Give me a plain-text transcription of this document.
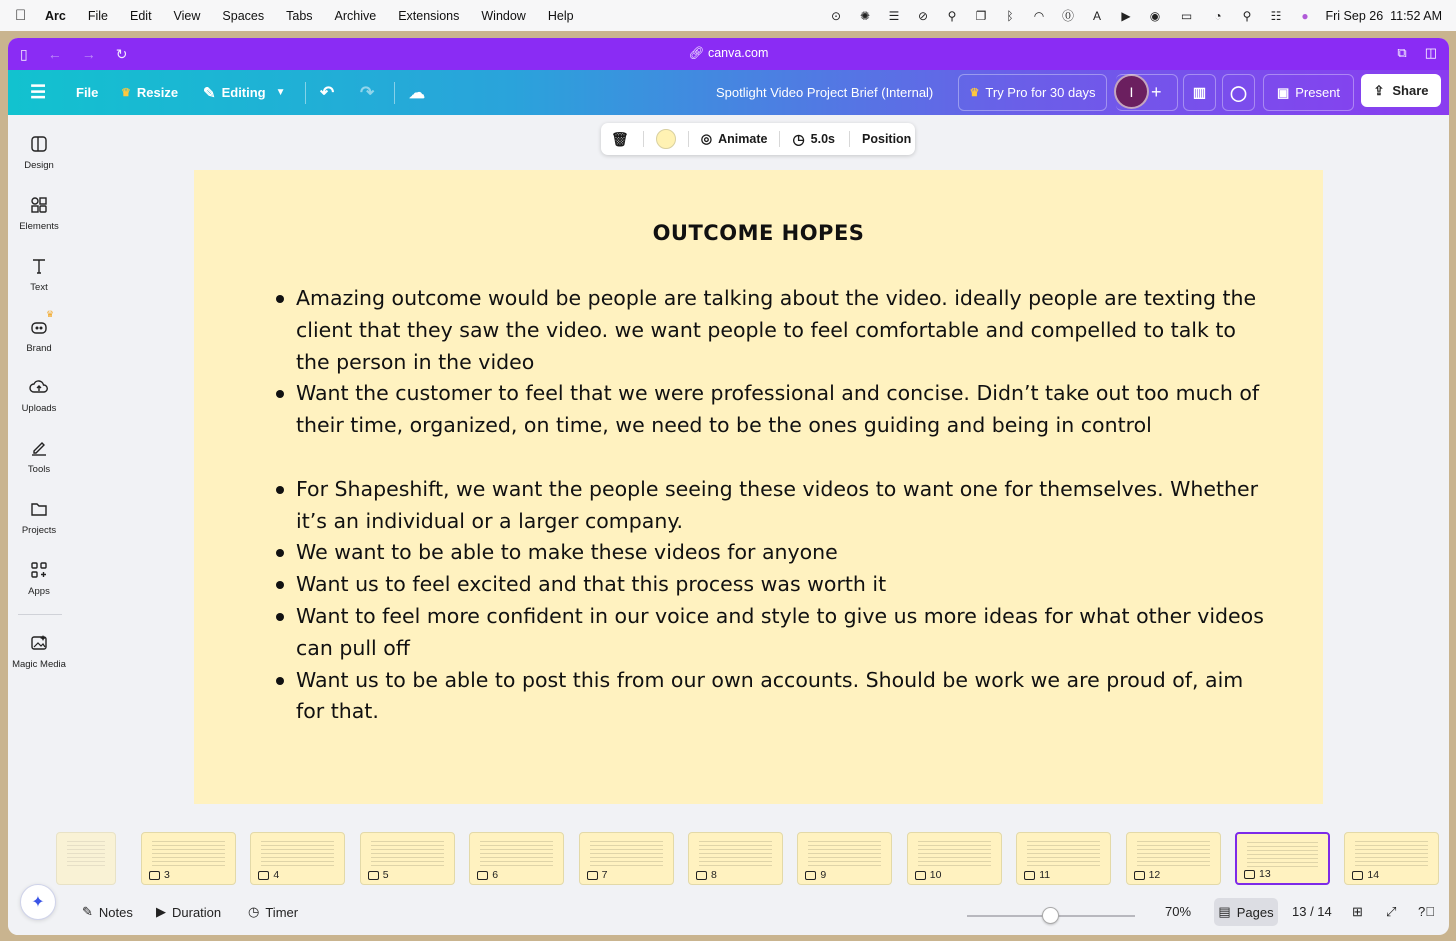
Arc File Edit View Spaces Tabs Archive Extensions Window Help	⊙ ✺ ☰ ⊘	⚲	❐	ᛒ	◠ ⓪	A	▶	◉	▭	◔	⚲	☷	●	Fri Sep 26  11:52 AM
▯ ← → ↻	🔗︎ canva.com	⧉ ◫
☰ File ♛ Resize ✎ Editing ▼ ↶ ↷ ☁	Spotlight Video Project Brief (Internal)	♛ Try Pro for 30 days I + ▥ ◯ ▣ Present	⇪ Share
Design
Elements
Text
♛
Brand
Uploads
Tools
Projects
Apps
Magic Media
🗑︎	◎ Animate ◷ 5.0s Position
OUTCOME HOPES
Amazing outcome would be people are talking about the video. ideally people are texting the client that they saw the video. we want people to feel comfortable and compelled to talk to the person in the video
Want the customer to feel that we were professional and concise. Didn’t take out too much of their time, organized, on time, we need to be the ones guiding and being in control
For Shapeshift, we want the people seeing these videos to want one for themselves. Whether it’s an individual or a larger company.
We want to be able to make these videos for anyone
Want us to feel excited and that this process was worth it
Want to feel more confident in our voice and style to give us more ideas for what other videos can pull off
Want us to be able to post this from our own accounts. Should be work we are proud of, aim for that.
3	4	5	6	7	8	9	10	11	12	13	14
✎ Notes ▶ Duration ◷ Timer	70% ▤ Pages 13 / 14 ⊞ ⤢ ?⃝
✦
